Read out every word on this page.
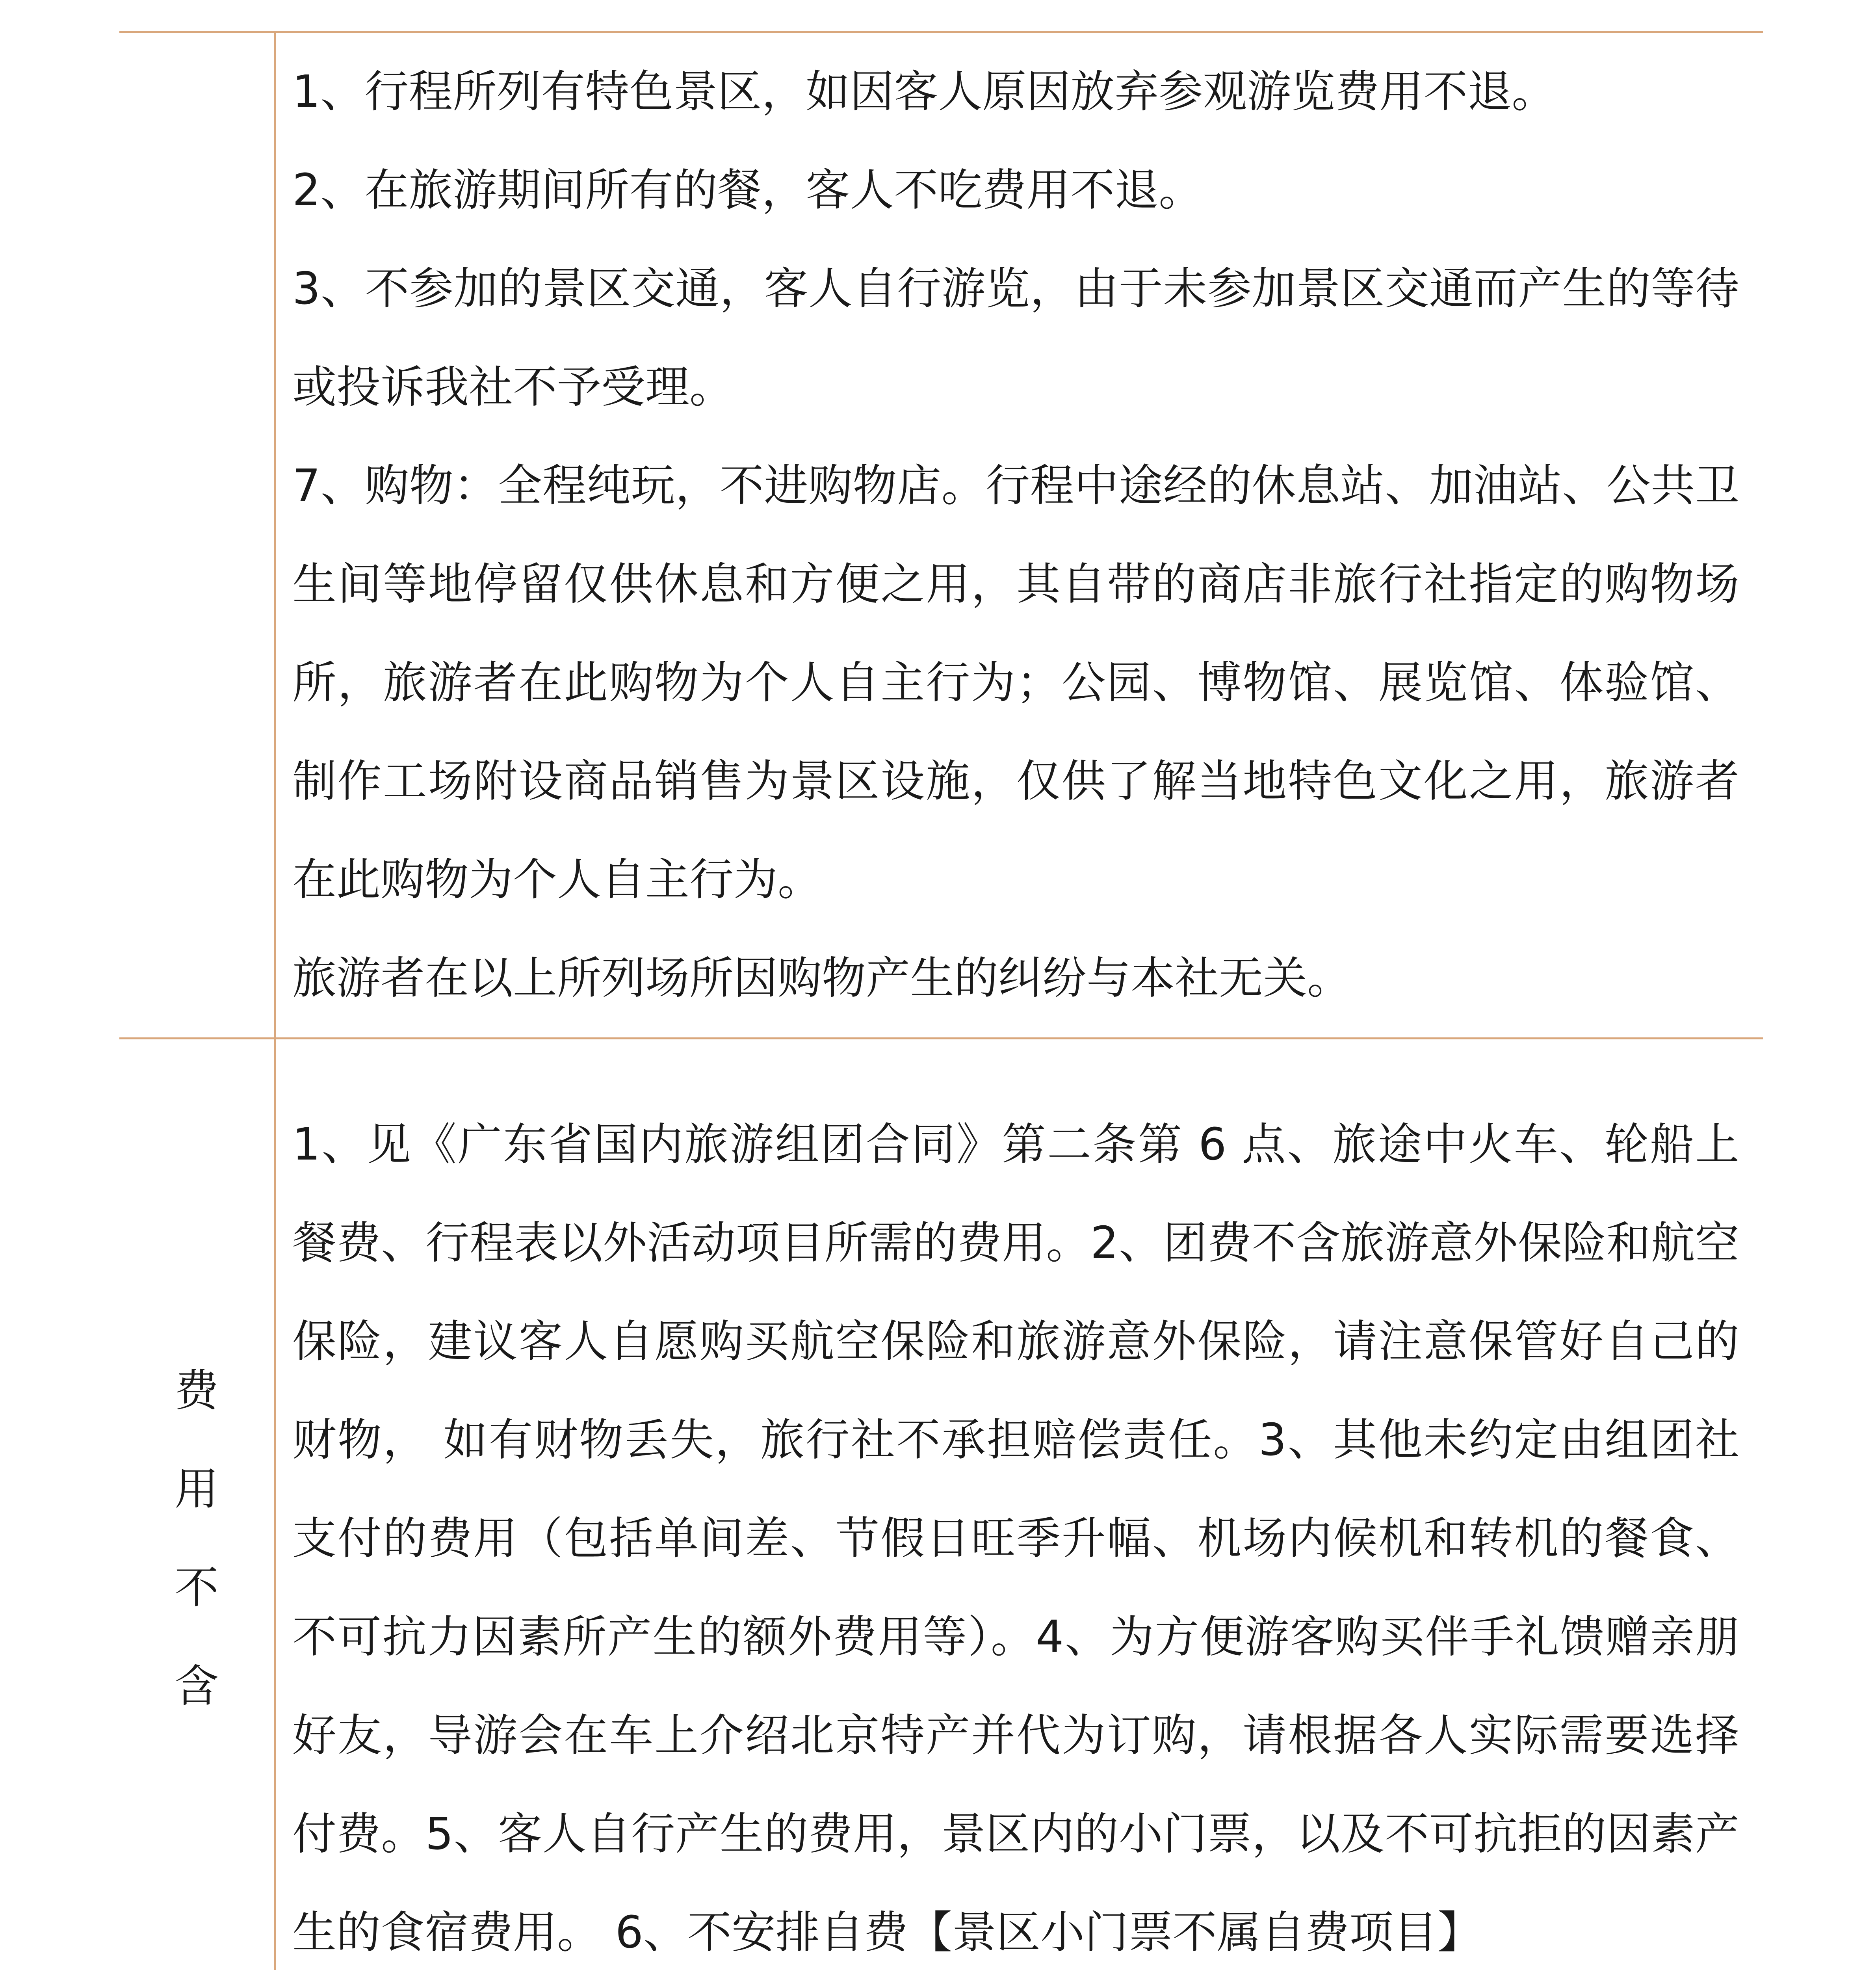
	1、行程所列有特色景区，如因客人原因放弃参观游览费用不退。

2、在旅游期间所有的餐，客人不吃费用不退。

3、不参加的景区交通，客人自行游览，由于未参加景区交通而产生的等待或投诉我社不予受理。

7、购物：全程纯玩，不进购物店。行程中途经的休息站、加油站、公共卫生间等地停留仅供休息和方便之用，其自带的商店非旅行社指定的购物场所，旅游者在此购物为个人自主行为；公园、博物馆、展览馆、体验馆、制作工场附设商品销售为景区设施，仅供了解当地特色文化之用，旅游者在此购物为个人自主行为。

旅游者在以上所列场所因购物产生的纠纷与本社无关。

费用不含	1、见《广东省国内旅游组团合同》第二条第 6 点、旅途中火车、轮船上餐费、行程表以外活动项目所需的费用。2、团费不含旅游意外保险和航空保险，建议客人自愿购买航空保险和旅游意外保险，请注意保管好自己的财物， 如有财物丢失，旅行社不承担赔偿责任。3、其他未约定由组团社支付的费用（包括单间差、节假日旺季升幅、机场内候机和转机的餐食、不可抗力因素所产生的额外费用等）。4、为方便游客购买伴手礼馈赠亲朋好友，导游会在车上介绍北京特产并代为订购，请根据各人实际需要选择付费。5、客人自行产生的费用，景区内的小门票，以及不可抗拒的因素产生的食宿费用。 6、不安排自费【景区小门票不属自费项目】
